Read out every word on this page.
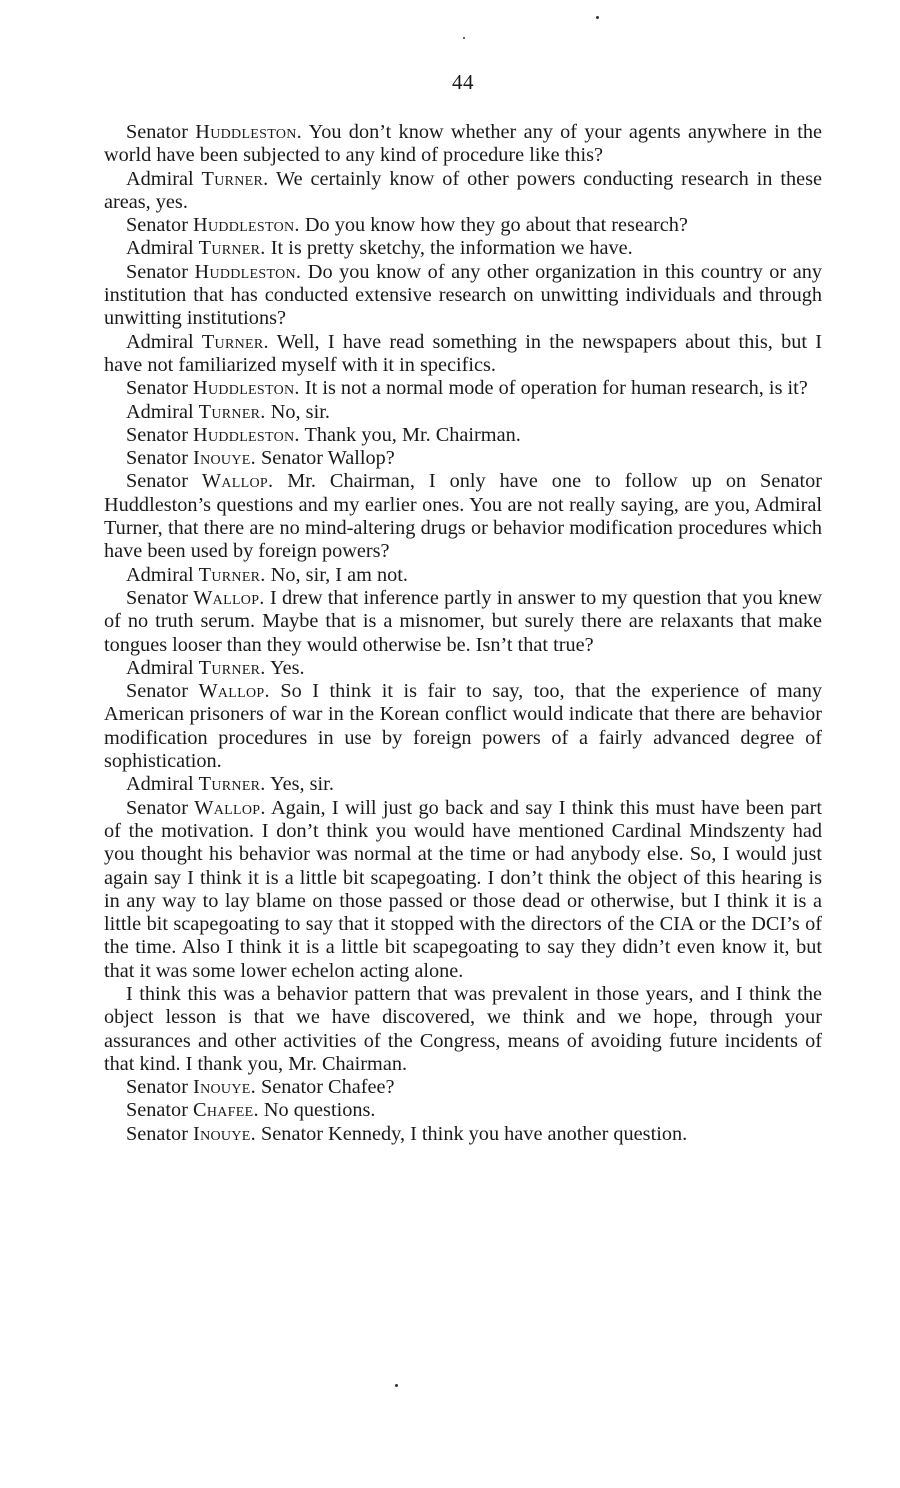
44

Senator Huddleston. You don’t know whether any of your agents anywhere in the world have been subjected to any kind of procedure like this?

Admiral Turner. We certainly know of other powers conducting research in these areas, yes.

Senator Huddleston. Do you know how they go about that research?

Admiral Turner. It is pretty sketchy, the information we have.

Senator Huddleston. Do you know of any other organization in this country or any institution that has conducted extensive research on unwitting individuals and through unwitting institutions?

Admiral Turner. Well, I have read something in the newspapers about this, but I have not familiarized myself with it in specifics.

Senator Huddleston. It is not a normal mode of operation for human research, is it?

Admiral Turner. No, sir.

Senator Huddleston. Thank you, Mr. Chairman.

Senator Inouye. Senator Wallop?

Senator Wallop. Mr. Chairman, I only have one to follow up on Senator Huddleston’s questions and my earlier ones. You are not really saying, are you, Admiral Turner, that there are no mind-altering drugs or behavior modification procedures which have been used by foreign powers?

Admiral Turner. No, sir, I am not.

Senator Wallop. I drew that inference partly in answer to my question that you knew of no truth serum. Maybe that is a misnomer, but surely there are relaxants that make tongues looser than they would otherwise be. Isn’t that true?

Admiral Turner. Yes.

Senator Wallop. So I think it is fair to say, too, that the experience of many American prisoners of war in the Korean conflict would indicate that there are behavior modification procedures in use by foreign powers of a fairly advanced degree of sophistication.

Admiral Turner. Yes, sir.

Senator Wallop. Again, I will just go back and say I think this must have been part of the motivation. I don’t think you would have mentioned Cardinal Mindszenty had you thought his behavior was normal at the time or had anybody else. So, I would just again say I think it is a little bit scapegoating. I don’t think the object of this hearing is in any way to lay blame on those passed or those dead or otherwise, but I think it is a little bit scapegoating to say that it stopped with the directors of the CIA or the DCI’s of the time. Also I think it is a little bit scapegoating to say they didn’t even know it, but that it was some lower echelon acting alone.

I think this was a behavior pattern that was prevalent in those years, and I think the object lesson is that we have discovered, we think and we hope, through your assurances and other activities of the Congress, means of avoiding future incidents of that kind. I thank you, Mr. Chairman.

Senator Inouye. Senator Chafee?

Senator Chafee. No questions.

Senator Inouye. Senator Kennedy, I think you have another question.
